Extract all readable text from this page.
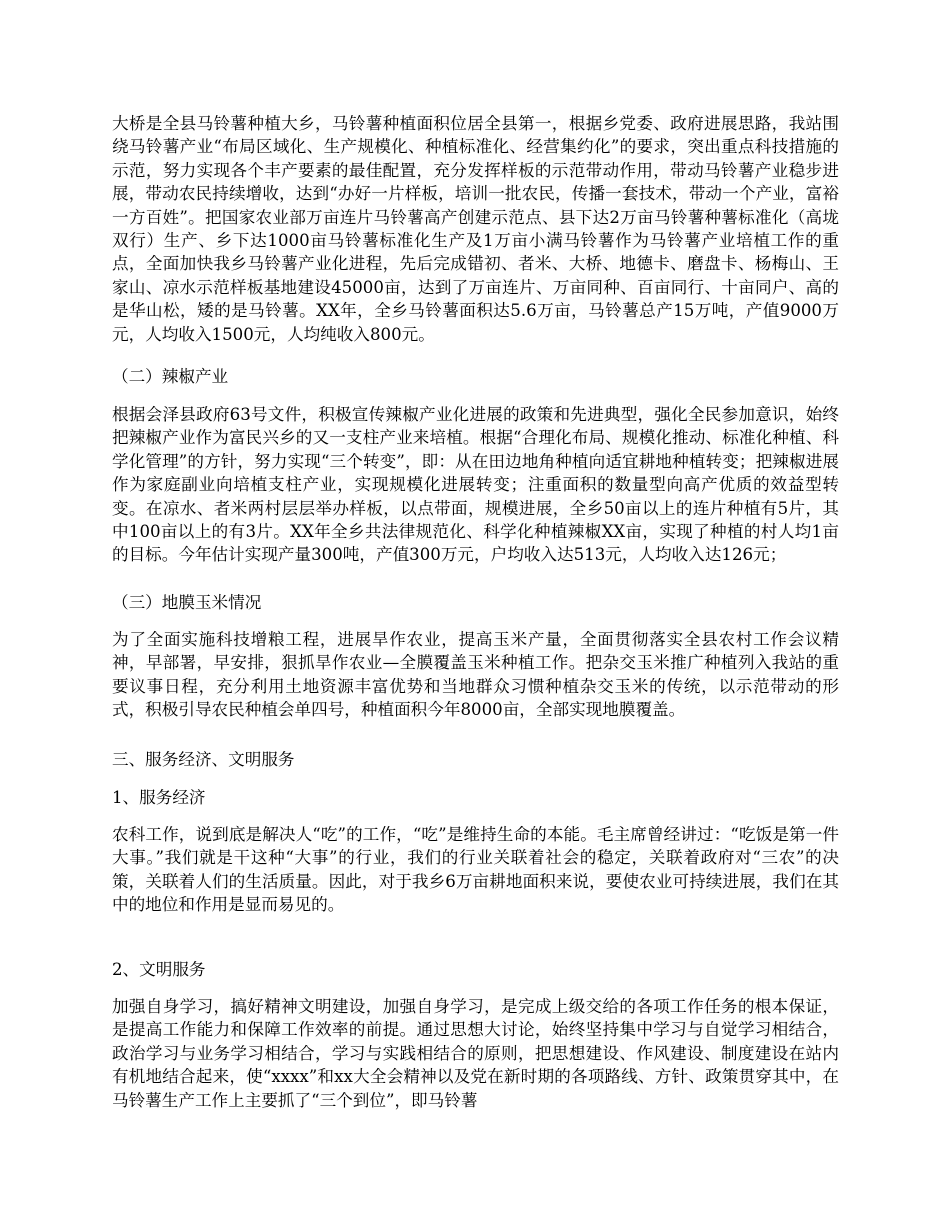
大桥是全县马铃薯种植大乡，马铃薯种植面积位居全县第一，根据乡党委、政府进展思路，我站围绕马铃薯产业“布局区域化、生产规模化、种植标准化、经营集约化”的要求，突出重点科技措施的示范，努力实现各个丰产要素的最佳配置，充分发挥样板的示范带动作用，带动马铃薯产业稳步进展，带动农民持续增收，达到“办好一片样板，培训一批农民，传播一套技术，带动一个产业，富裕一方百姓”。把国家农业部万亩连片马铃薯高产创建示范点、县下达2万亩马铃薯种薯标准化（高垅双行）生产、乡下达1000亩马铃薯标准化生产及1万亩小满马铃薯作为马铃薯产业培植工作的重点，全面加快我乡马铃薯产业化进程，先后完成错初、者米、大桥、地德卡、磨盘卡、杨梅山、王家山、凉水示范样板基地建设45000亩，达到了万亩连片、万亩同种、百亩同行、十亩同户、高的是华山松，矮的是马铃薯。XX年，全乡马铃薯面积达5.6万亩，马铃薯总产15万吨，产值9000万元，人均收入1500元，人均纯收入800元。

（二）辣椒产业

根据会泽县政府63号文件，积极宣传辣椒产业化进展的政策和先进典型，强化全民参加意识，始终把辣椒产业作为富民兴乡的又一支柱产业来培植。根据“合理化布局、规模化推动、标准化种植、科学化管理”的方针，努力实现“三个转变”，即：从在田边地角种植向适宜耕地种植转变；把辣椒进展作为家庭副业向培植支柱产业，实现规模化进展转变；注重面积的数量型向高产优质的效益型转变。在凉水、者米两村层层举办样板，以点带面，规模进展，全乡50亩以上的连片种植有5片，其中100亩以上的有3片。XX年全乡共法律规范化、科学化种植辣椒XX亩，实现了种植的村人均1亩的目标。今年估计实现产量300吨，产值300万元，户均收入达513元，人均收入达126元；

（三）地膜玉米情况

为了全面实施科技增粮工程，进展旱作农业，提高玉米产量，全面贯彻落实全县农村工作会议精神，早部署，早安排，狠抓旱作农业—全膜覆盖玉米种植工作。把杂交玉米推广种植列入我站的重要议事日程，充分利用土地资源丰富优势和当地群众习惯种植杂交玉米的传统，以示范带动的形式，积极引导农民种植会单四号，种植面积今年8000亩，全部实现地膜覆盖。

三、服务经济、文明服务
1、服务经济

农科工作，说到底是解决人“吃”的工作，“吃”是维持生命的本能。毛主席曾经讲过：“吃饭是第一件大事。”我们就是干这种“大事”的行业，我们的行业关联着社会的稳定，关联着政府对“三农”的决策，关联着人们的生活质量。因此，对于我乡6万亩耕地面积来说，要使农业可持续进展，我们在其中的地位和作用是显而易见的。

2、文明服务

加强自身学习，搞好精神文明建设，加强自身学习，是完成上级交给的各项工作任务的根本保证，是提高工作能力和保障工作效率的前提。通过思想大讨论，始终坚持集中学习与自觉学习相结合，政治学习与业务学习相结合，学习与实践相结合的原则，把思想建设、作风建设、制度建设在站内有机地结合起来，使“xxxx”和xx大全会精神以及党在新时期的各项路线、方针、政策贯穿其中，在马铃薯生产工作上主要抓了“三个到位”，即马铃薯
